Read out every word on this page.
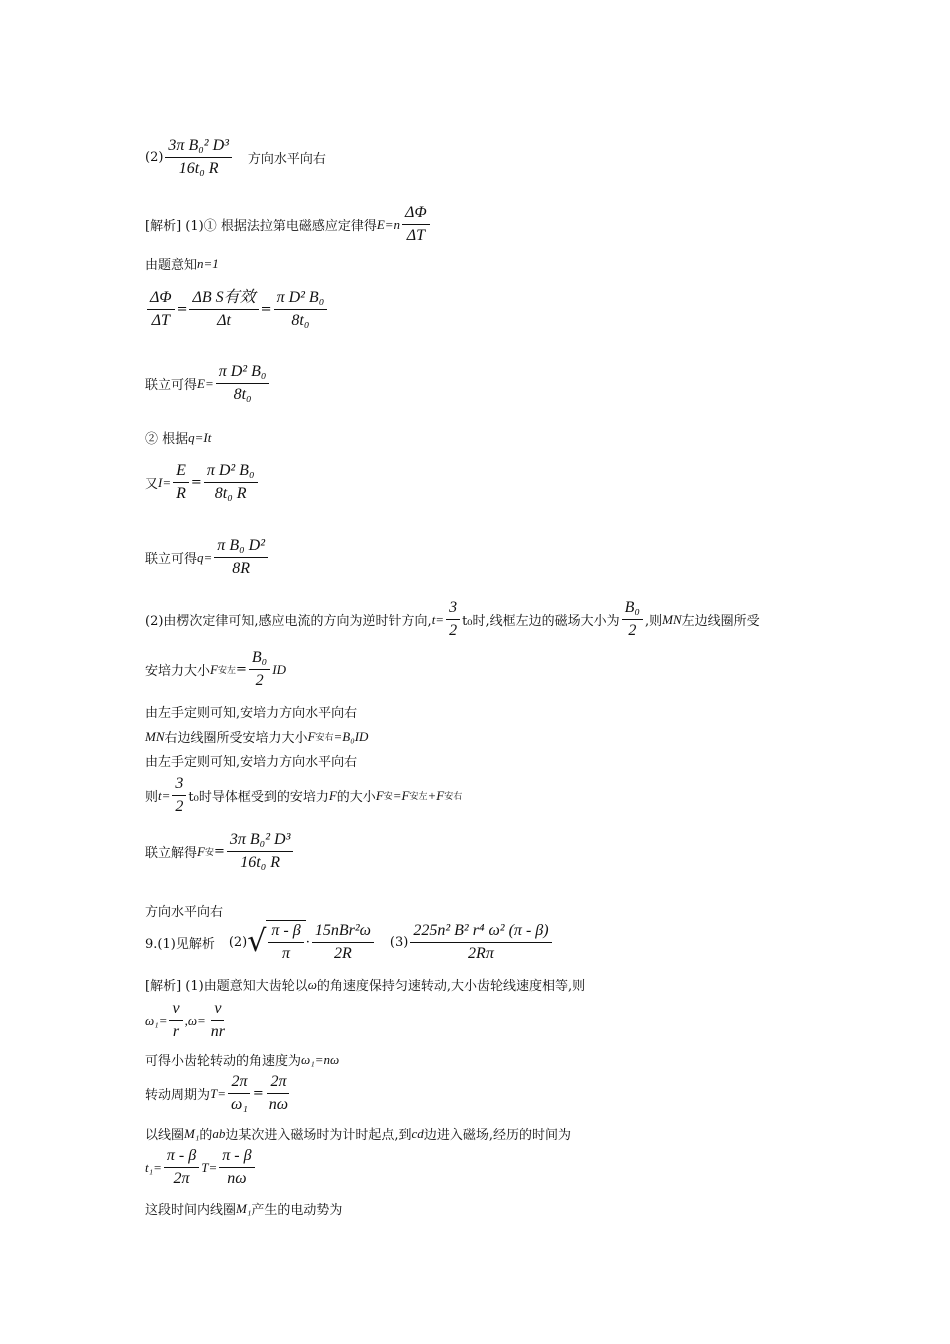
$(2) \frac{\text{3π B₀² D³}}{\text{16t₀ R}}$ 方向水平向右
[解析] (1)① 根据法拉第电磁感应定律得 $E=n \frac{\Delta\Phi}{\Delta T}$
由题意知 n=1
$\frac{\Delta\Phi}{\Delta T} = \frac{\text{ΔB S有效}}{\Delta t} = \frac{\text{π D² B₀}}{\text{8t₀}}$
联立可得 $E= \frac{\text{π D² B₀}}{\text{8t₀}}$
② 根据 q=It
又 $I= \frac{E}{R} = \frac{\text{π D² B₀}}{\text{8t₀ R}}$
联立可得 $q= \frac{\text{π B₀ D²}}{8R}$
(2)由楞次定律可知,感应电流的方向为逆时针方向, $t= \frac{3}{2} t_0$时,线框左边的磁场大小为 $\frac{\text{B₀}}{2}$ ,则 MN 左边线圈所受
安培力大小 F 安左 = $\frac{\text{B₀}}{2}$ ID
由左手定则可知,安培力方向水平向右
MN 右边线圈所受安培力大小 F 安右 =B₀ID
由左手定则可知,安培力方向水平向右
则 $t= \frac{3}{2} t_0$时导体框受到的安培力 F 的大小 F 安 =F 安左 +F 安右
联立解得 F 安 = $\frac{\text{3π B₀² D³}}{\text{16t₀ R}}$
方向水平向右
9.(1)见解析 (2) √ $\frac{\pi - \beta}{\pi} \cdot \frac{\text{15nBr²ω}}{2R} (3) \frac{\text{225n² B² r⁴ ω² (π - β)}}{2R\pi}$
[解析] (1)由题意知大齿轮以 ω 的角速度保持匀速转动,大小齿轮线速度相等,则
$\omega_1= \frac{v}{r} ,\omega= \frac{v}{nr}$
可得小齿轮转动的角速度为 ω₁=nω
转动周期为 $T= \frac{2\pi}{\text{ω₁}} = \frac{2\pi}{n\omega}$
以线圈 M₁ 的 ab 边某次进入磁场时为计时起点,到 cd 边进入磁场,经历的时间为
$t_1= \frac{\pi - \beta}{2\pi} T= \frac{\pi - \beta}{n\omega}$
这段时间内线圈 M₁ 产生的电动势为
